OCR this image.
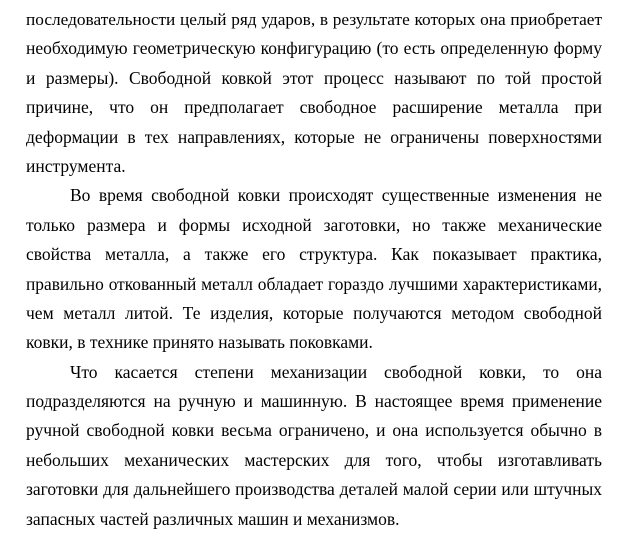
последовательности целый ряд ударов, в результате которых она приобретает
необходимую геометрическую конфигурацию (то есть определенную форму
и размеры). Свободной ковкой этот процесс называют по той простой
причине, что он предполагает свободное расширение металла при
деформации в тех направлениях, которые не ограничены поверхностями
инструмента.
Во время свободной ковки происходят существенные изменения не
только размера и формы исходной заготовки, но также механические
свойства металла, а также его структура. Как показывает практика,
правильно откованный металл обладает гораздо лучшими характеристиками,
чем металл литой. Те изделия, которые получаются методом свободной
ковки, в технике принято называть поковками.
Что касается степени механизации свободной ковки, то она
подразделяются на ручную и машинную. В настоящее время применение
ручной свободной ковки весьма ограничено, и она используется обычно в
небольших механических мастерских для того, чтобы изготавливать
заготовки для дальнейшего производства деталей малой серии или штучных
запасных частей различных машин и механизмов.
